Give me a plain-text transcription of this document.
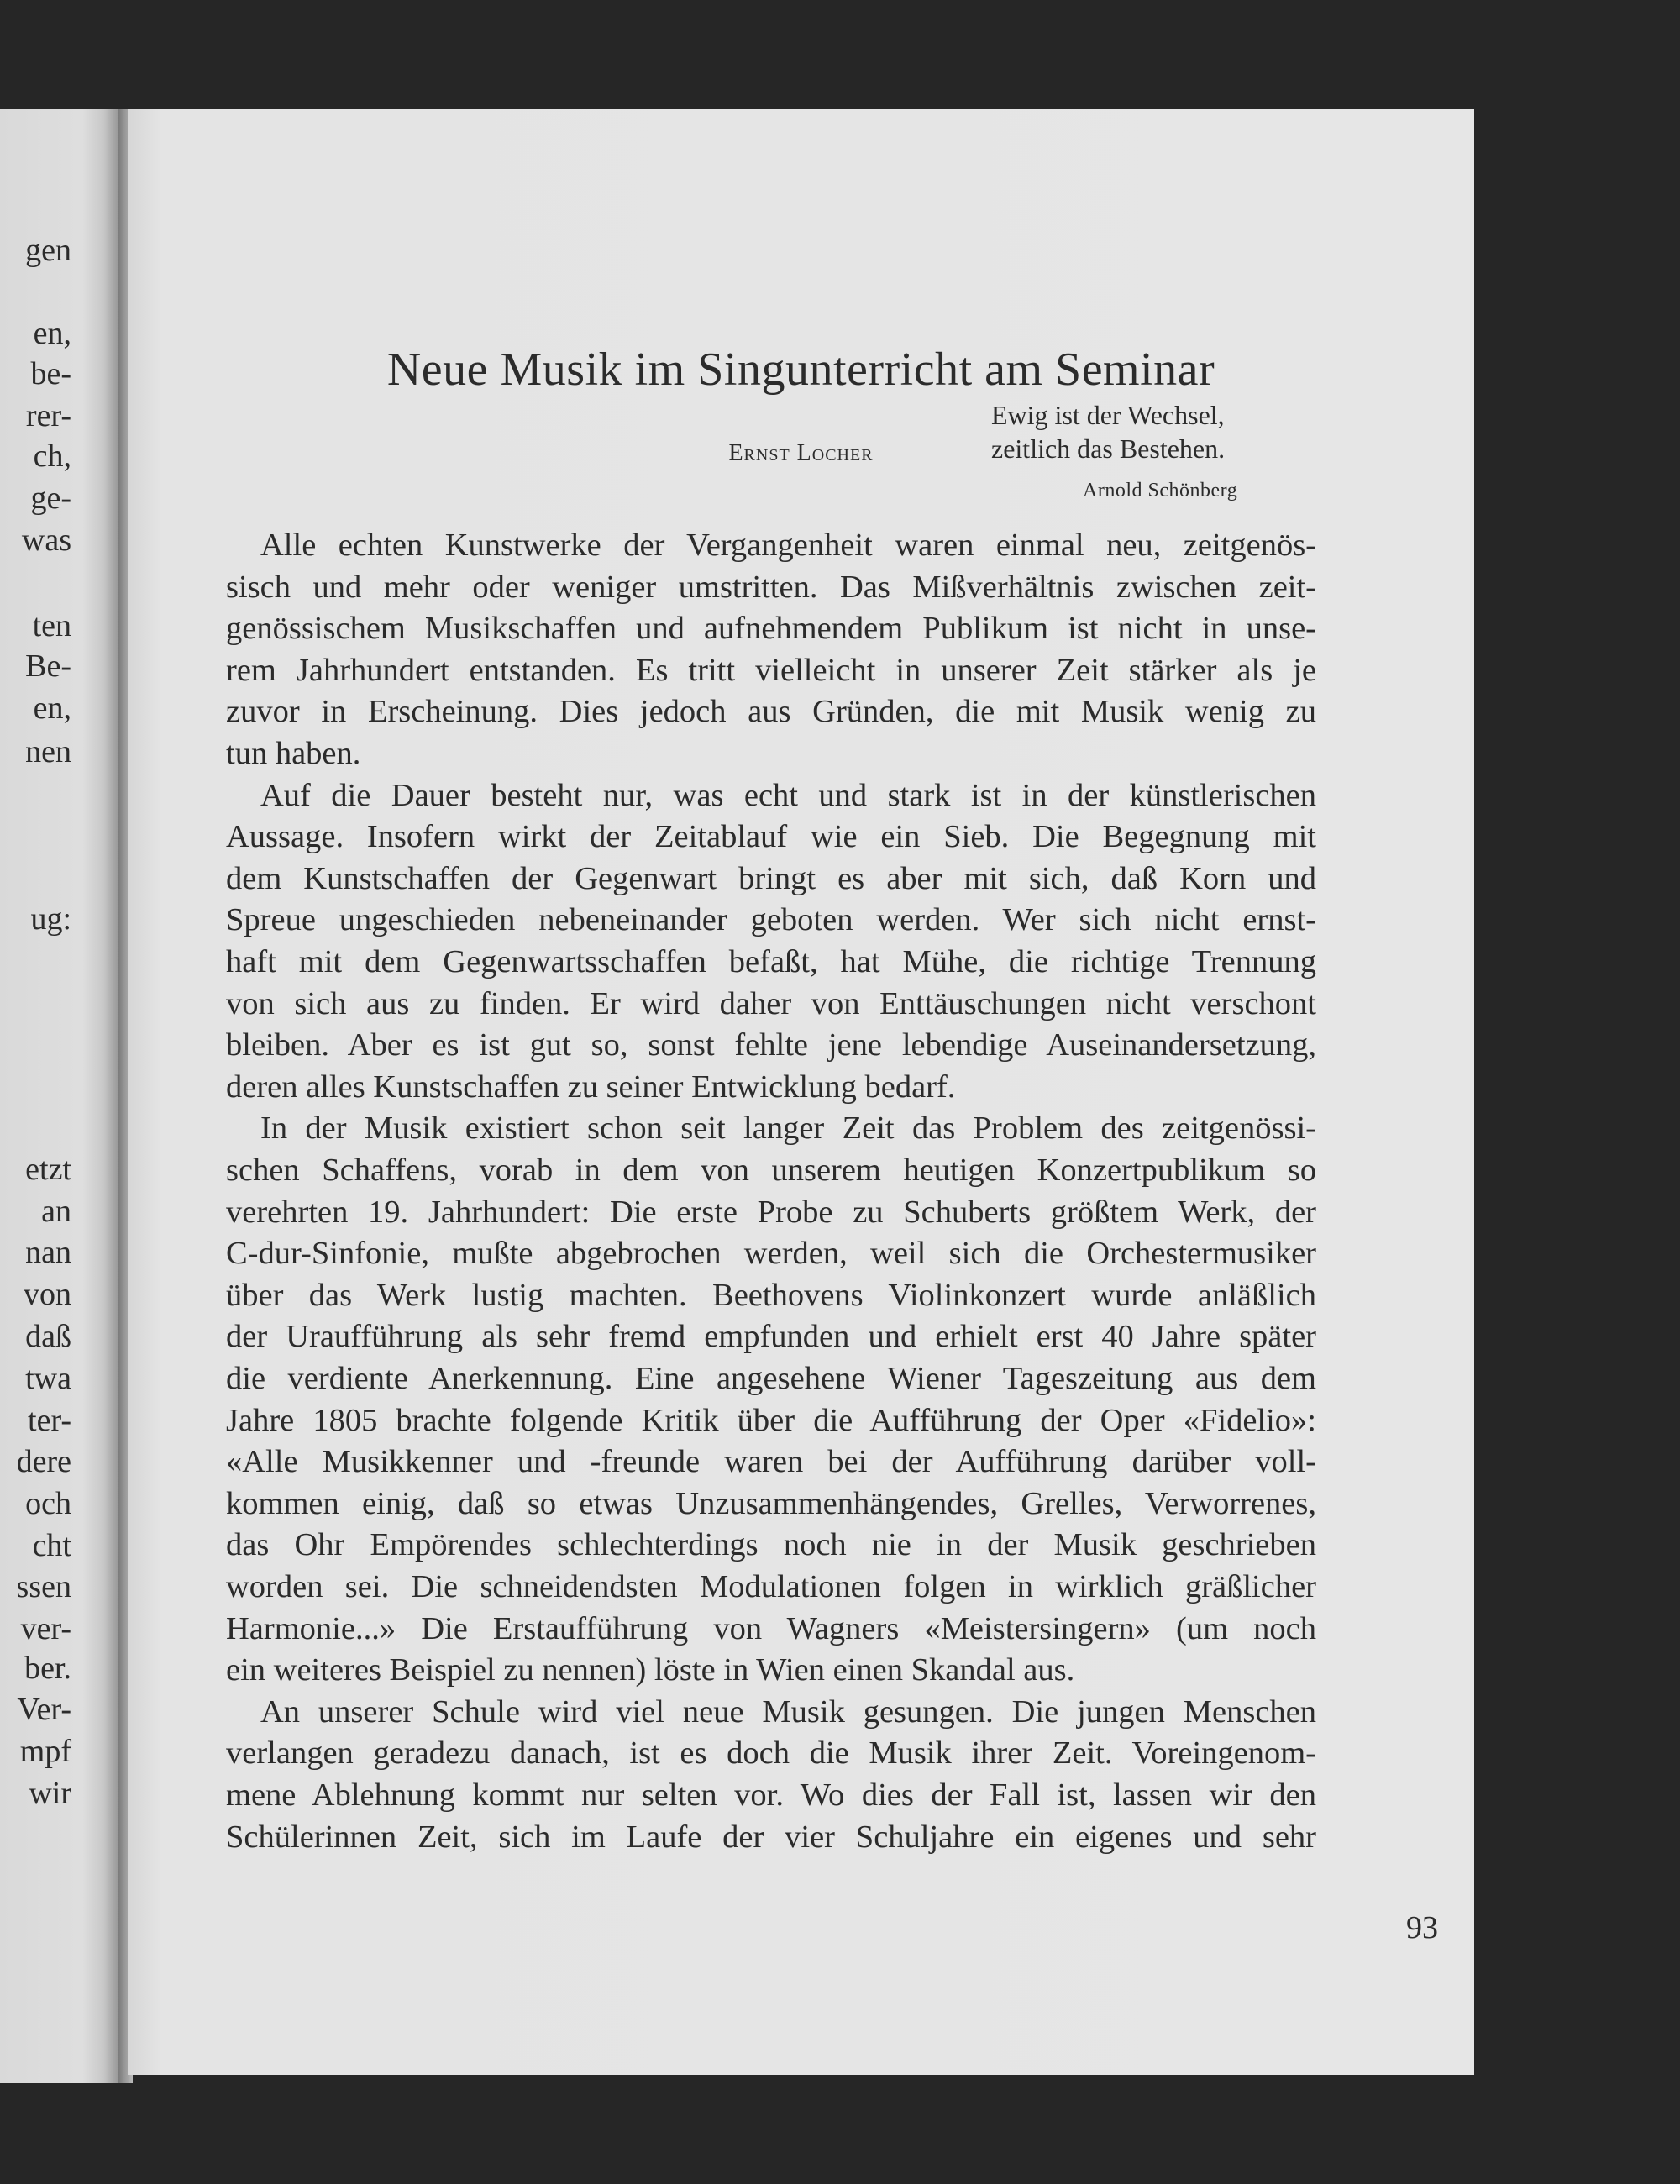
gen
en,
be-
rer-
ch,
ge-
was
ten
Be-
en,
nen
ug:
etzt
an
nan
von
daß
twa
ter-
dere
och
cht
ssen
ver-
ber.
Ver-
mpf
wir
Neue Musik im Singunterricht am Seminar
Ernst Locher
Ewig ist der Wechsel,
zeitlich das Bestehen.
Arnold Schönberg
93
Alle echten Kunstwerke der Vergangenheit waren einmal neu, zeitgenös-
sisch und mehr oder weniger umstritten. Das Mißverhältnis zwischen zeit-
genössischem Musikschaffen und aufnehmendem Publikum ist nicht in unse-
rem Jahrhundert entstanden. Es tritt vielleicht in unserer Zeit stärker als je
zuvor in Erscheinung. Dies jedoch aus Gründen, die mit Musik wenig zu
tun haben.
Auf die Dauer besteht nur, was echt und stark ist in der künstlerischen
Aussage. Insofern wirkt der Zeitablauf wie ein Sieb. Die Begegnung mit
dem Kunstschaffen der Gegenwart bringt es aber mit sich, daß Korn und
Spreue ungeschieden nebeneinander geboten werden. Wer sich nicht ernst-
haft mit dem Gegenwartsschaffen befaßt, hat Mühe, die richtige Trennung
von sich aus zu finden. Er wird daher von Enttäuschungen nicht verschont
bleiben. Aber es ist gut so, sonst fehlte jene lebendige Auseinandersetzung,
deren alles Kunstschaffen zu seiner Entwicklung bedarf.
In der Musik existiert schon seit langer Zeit das Problem des zeitgenössi-
schen Schaffens, vorab in dem von unserem heutigen Konzertpublikum so
verehrten 19. Jahrhundert: Die erste Probe zu Schuberts größtem Werk, der
C-dur-Sinfonie, mußte abgebrochen werden, weil sich die Orchestermusiker
über das Werk lustig machten. Beethovens Violinkonzert wurde anläßlich
der Uraufführung als sehr fremd empfunden und erhielt erst 40 Jahre später
die verdiente Anerkennung. Eine angesehene Wiener Tageszeitung aus dem
Jahre 1805 brachte folgende Kritik über die Aufführung der Oper «Fidelio»:
«Alle Musikkenner und -freunde waren bei der Aufführung darüber voll-
kommen einig, daß so etwas Unzusammenhängendes, Grelles, Verworrenes,
das Ohr Empörendes schlechterdings noch nie in der Musik geschrieben
worden sei. Die schneidendsten Modulationen folgen in wirklich gräßlicher
Harmonie...» Die Erstaufführung von Wagners «Meistersingern» (um noch
ein weiteres Beispiel zu nennen) löste in Wien einen Skandal aus.
An unserer Schule wird viel neue Musik gesungen. Die jungen Menschen
verlangen geradezu danach, ist es doch die Musik ihrer Zeit. Voreingenom-
mene Ablehnung kommt nur selten vor. Wo dies der Fall ist, lassen wir den
Schülerinnen Zeit, sich im Laufe der vier Schuljahre ein eigenes und sehr
